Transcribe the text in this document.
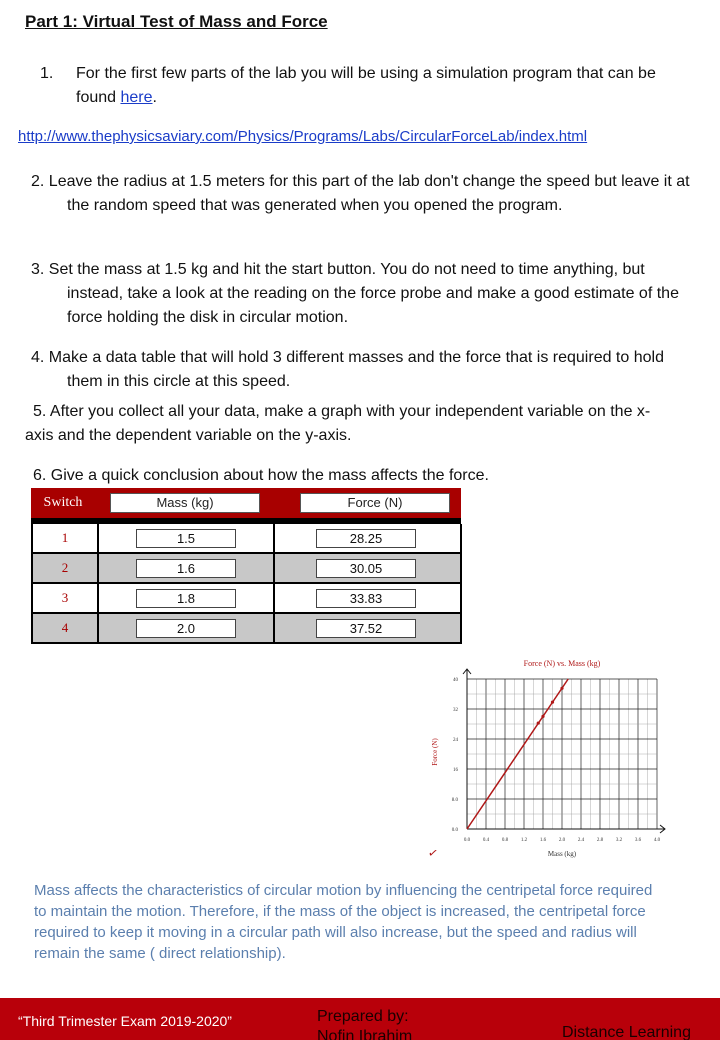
Part 1: Virtual Test of Mass and Force
1. For the first few parts of the lab you will be using a simulation program that can be found here.
http://www.thephysicsaviary.com/Physics/Programs/Labs/CircularForceLab/index.html
2. Leave the radius at 1.5 meters for this part of the lab don't change the speed but leave it at the random speed that was generated when you opened the program.
3. Set the mass at 1.5 kg and hit the start button. You do not need to time anything, but instead, take a look at the reading on the force probe and make a good estimate of the force holding the disk in circular motion.
4. Make a data table that will hold 3 different masses and the force that is required to hold them in this circle at this speed.
5. After you collect all your data, make a graph with your independent variable on the x-axis and the dependent variable on the y-axis.
6. Give a quick conclusion about how the mass affects the force.
Switch	Mass (kg)	Force (N)
1	1.5	28.25
2	1.6	30.05
3	1.8	33.83
4	2.0	37.52
Force (N) vs. Mass (kg)
0.0	0.4	0.8	1.2	1.6	2.0	2.4	2.8	3.2	3.6	4.0
0.0
8.0
16
24
32
40
Mass (kg)
Force (N)
✓
Mass affects the characteristics of circular motion by influencing the centripetal force required to maintain the motion. Therefore, if the mass of the object is increased, the centripetal force required to keep it moving in a circular path will also increase, but the speed and radius will remain the same ( direct relationship).
“Third Trimester Exam 2019-2020”	Prepared by:
Nofin Ibrahim	Distance Learning
